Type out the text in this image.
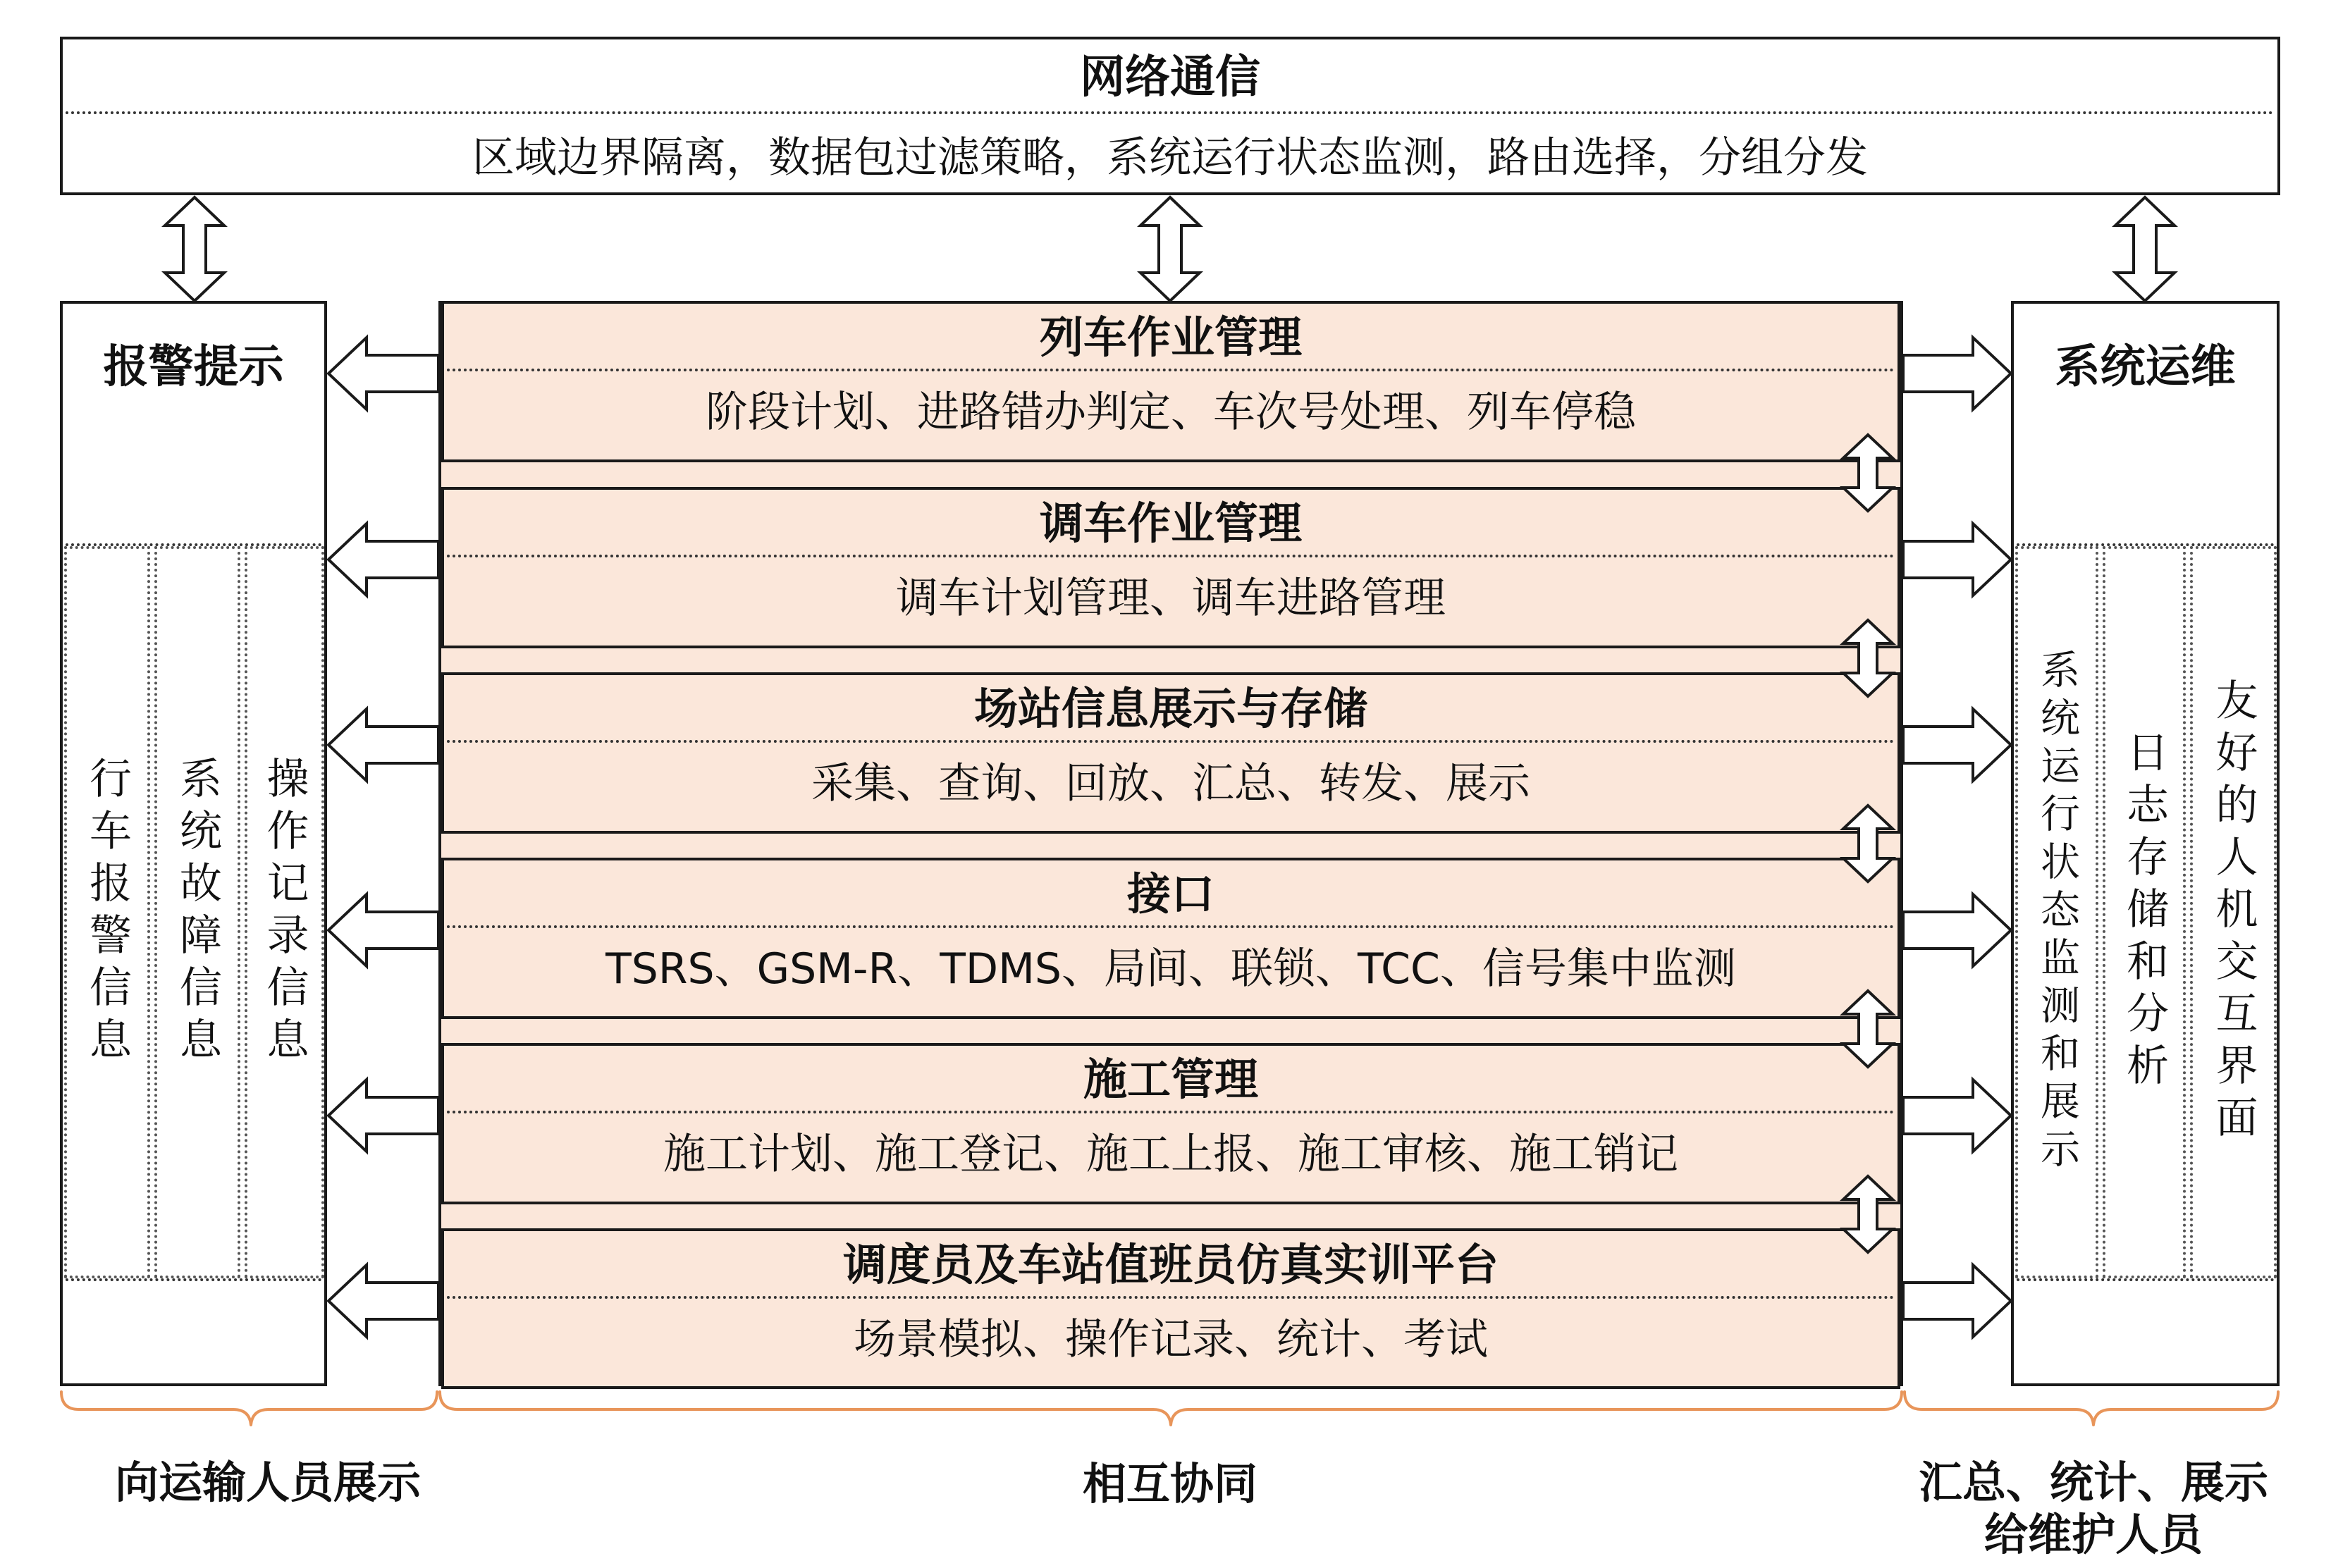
网络通信
区域边界隔离，数据包过滤策略，系统运行状态监测，路由选择，分组分发
报警提示
行车报警信息 系统故障信息 操作记录信息
系统运维
系统运行状态监测和展示 日志存储和分析 友好的人机交互界面
列车作业管理
阶段计划、进路错办判定、车次号处理、列车停稳
调车作业管理
调车计划管理、调车进路管理
场站信息展示与存储
采集、查询、回放、汇总、转发、展示
接口
TSRS、GSM-R、TDMS、局间、联锁、TCC、信号集中监测
施工管理
施工计划、施工登记、施工上报、施工审核、施工销记
调度员及车站值班员仿真实训平台
场景模拟、操作记录、统计、考试
向运输人员展示	相互协同	汇总、统计、展示
给维护人员
